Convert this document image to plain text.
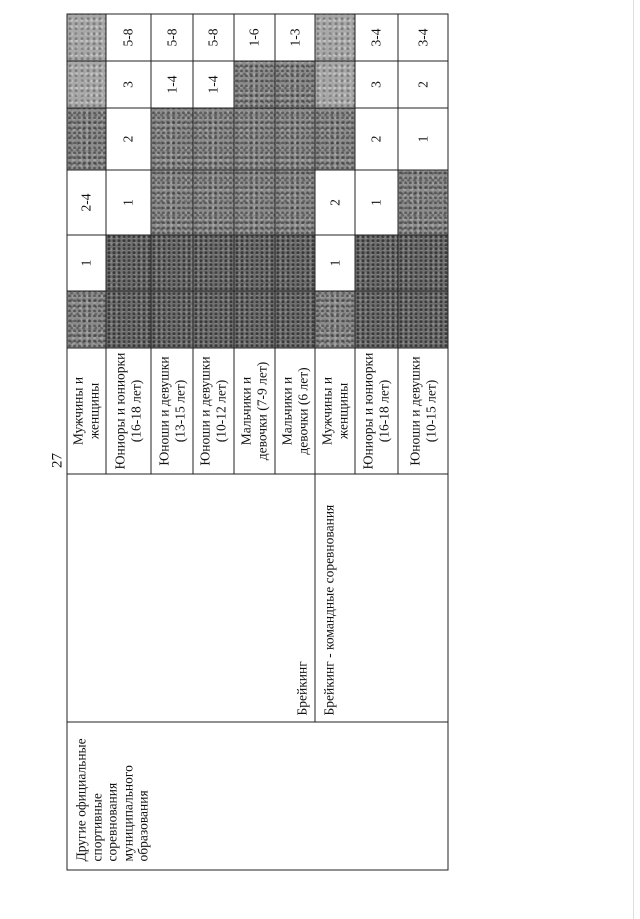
27
Другие официальные спортивные соревнования муниципального образования	Брейкинг	Мужчины и женщины		1	2-4			
		Юниоры и юниорки (16-18 лет)			1	2	3	5-8
		Юноши и девушки (13-15 лет)					1-4	5-8
		Юноши и девушки (10-12 лет)					1-4	5-8
		Мальчики и девочки (7-9 лет)						1-6
		Мальчики и девочки (6 лет)						1-3
	Брейкинг - командные соревнования	Мужчины и женщины		1	2			
		Юниоры и юниорки (16-18 лет)			1	2	3	3-4
		Юноши и девушки (10-15 лет)				1	2	3-4
